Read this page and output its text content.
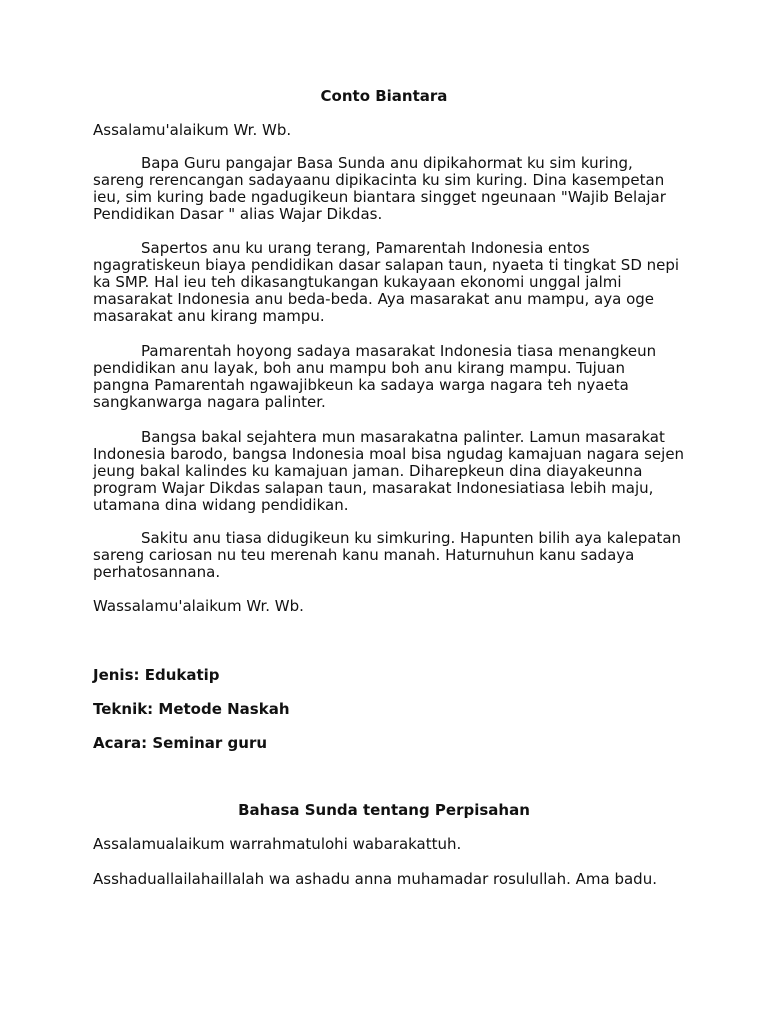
Conto Biantara

Assalamu'alaikum Wr. Wb.

Bapa Guru pangajar Basa Sunda anu dipikahormat ku sim kuring, sareng rerencangan sadayaanu dipikacinta ku sim kuring. Dina kasempetan ieu, sim kuring bade ngadugikeun biantara singget ngeunaan "Wajib Belajar Pendidikan Dasar " alias Wajar Dikdas.

Sapertos anu ku urang terang, Pamarentah Indonesia entos ngagratiskeun biaya pendidikan dasar salapan taun, nyaeta ti tingkat SD nepi ka SMP. Hal ieu teh dikasangtukangan kukayaan ekonomi unggal jalmi masarakat Indonesia anu beda-beda. Aya masarakat anu mampu, aya oge masarakat anu kirang mampu.

Pamarentah hoyong sadaya masarakat Indonesia tiasa menangkeun pendidikan anu layak, boh anu mampu boh anu kirang mampu. Tujuan pangna Pamarentah ngawajibkeun ka sadaya warga nagara teh nyaeta sangkanwarga nagara palinter.

Bangsa bakal sejahtera mun masarakatna palinter. Lamun masarakat Indonesia barodo, bangsa Indonesia moal bisa ngudag kamajuan nagara sejen jeung bakal kalindes ku kamajuan jaman. Diharepkeun dina diayakeunna program Wajar Dikdas salapan taun, masarakat Indonesiatiasa lebih maju, utamana dina widang pendidikan.

Sakitu anu tiasa didugikeun ku simkuring. Hapunten bilih aya kalepatan sareng cariosan nu teu merenah kanu manah. Haturnuhun kanu sadaya perhatosannana.

Wassalamu'alaikum Wr. Wb.

Jenis: Edukatip

Teknik: Metode Naskah

Acara: Seminar guru

Bahasa Sunda tentang Perpisahan

Assalamualaikum warrahmatulohi wabarakattuh.

Asshaduallailahaillalah wa ashadu anna muhamadar rosulullah. Ama badu.
